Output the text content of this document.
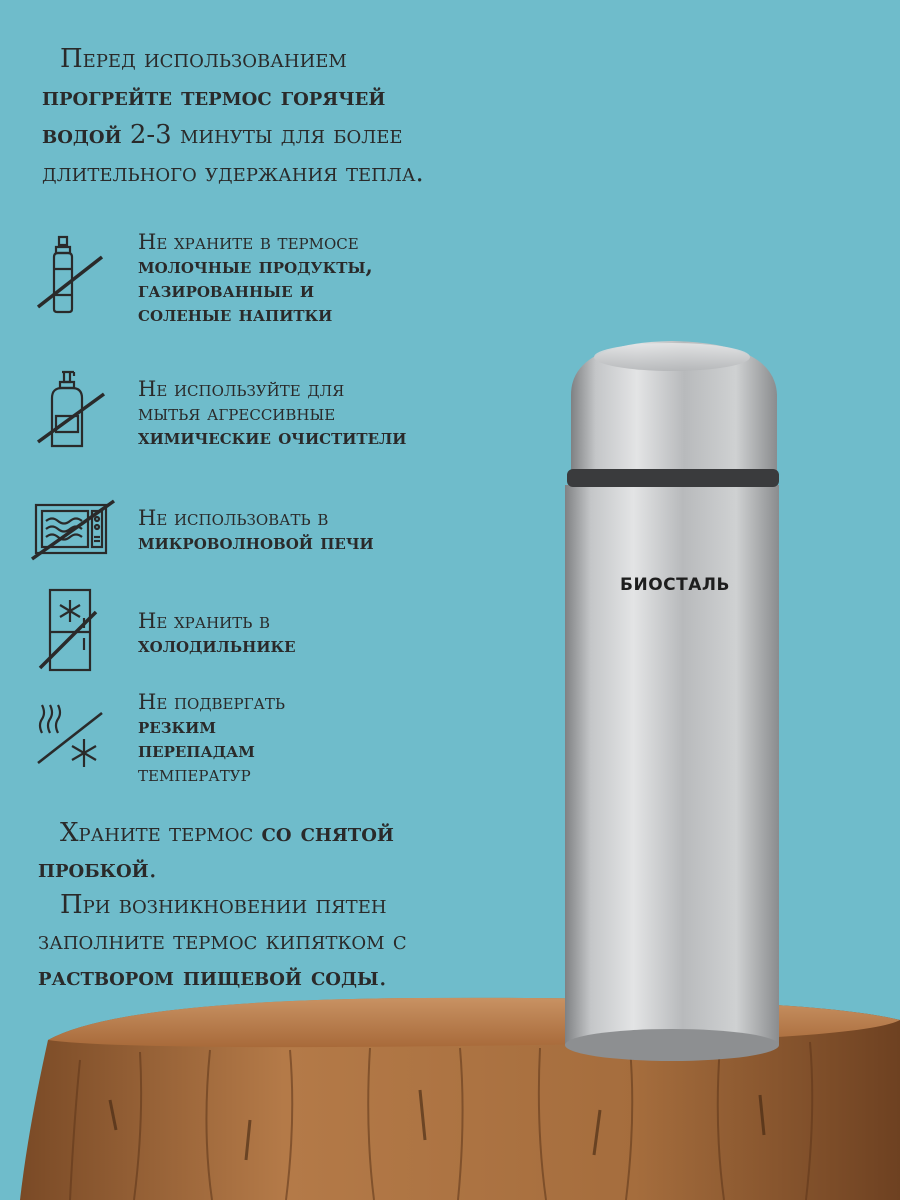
Перед использованием
прогрейте термос горячей
водой 2-3 минуты для более
длительного удержания тепла.

Не храните в термосе
молочные продукты,
газированные и
соленые напитки
Не используйте для
мытья агрессивные
химические очистители
Не использовать в
микроволновой печи
Не хранить в
холодильнике
Не подвергать
резким
перепадам
температур

Храните термос со снятой
пробкой.

При возникновении пятен
заполните термос кипятком с
раствором пищевой соды.

БИОСТАЛЬ
